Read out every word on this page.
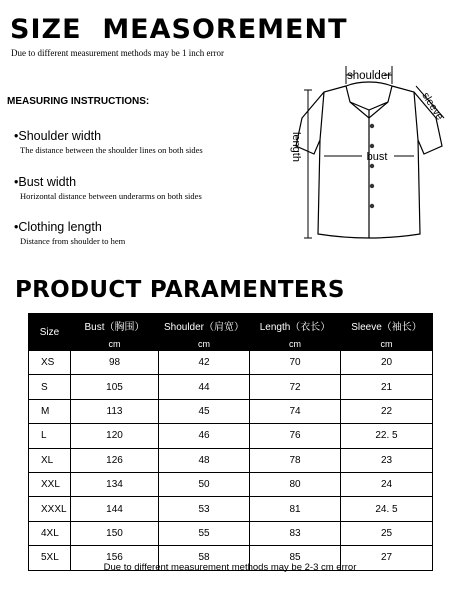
SIZE  MEASOREMENT
Due to different measurement methods may be 1 inch error
MEASURING INSTRUCTIONS:
•Shoulder width
The distance between the shoulder lines on both sides
•Bust width
Horizontal distance between underarms on both sides
•Clothing length
Distance from shoulder to hem
shoulder
sleeve
length	bust
PRODUCT PARAMENTERS
Size	Bust（胸围）	Shoulder（肩宽）	Length（衣长）	Sleeve（袖长）
	cm	cm	cm	cm
XS	98	42	70	20
S	105	44	72	21
M	113	45	74	22
L	120	46	76	22. 5
XL	126	48	78	23
XXL	134	50	80	24
XXXL	144	53	81	24. 5
4XL	150	55	83	25
5XL	156	58	85	27
Due to different measurement methods may be 2-3 cm error
